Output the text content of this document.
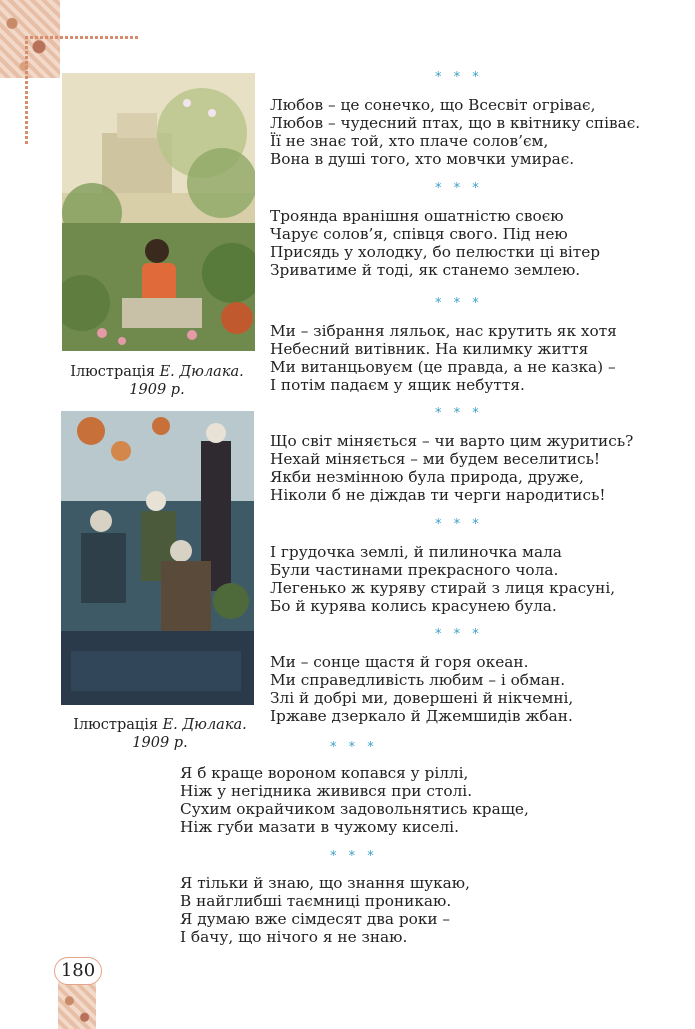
Ілюстрація Е. Дюлака.
1909 р.
Ілюстрація Е. Дюлака.
1909 р.
* * *
* * *
* * *
* * *
* * *
* * *
* * *
* * *
Любов – це сонечко, що Всесвіт огріває,
Любов – чудесний птах, що в квітнику співає.
Її не знає той, хто плаче солов’єм,
Вона в душі того, хто мовчки умирає.
Троянда вранішня ошатністю своєю
Чарує солов’я, співця свого. Під нею
Присядь у холодку, бо пелюстки ці вітер
Зриватиме й тоді, як станемо землею.
Ми – зібрання ляльок, нас крутить як хотя
Небесний витівник. На килимку життя
Ми витанцьовуєм (це правда, а не казка) –
І потім падаєм у ящик небуття.
Що світ міняється – чи варто цим журитись?
Нехай міняється – ми будем веселитись!
Якби незмінною була природа, друже,
Ніколи б не діждав ти черги народитись!
І грудочка землі, й пилиночка мала
Були частинами прекрасного чола.
Легенько ж куряву стирай з лиця красуні,
Бо й курява колись красунею була.
Ми – сонце щастя й горя океан.
Ми справедливість любим – і обман.
Злі й добрі ми, довершені й нікчемні,
Іржаве дзеркало й Джемшидів жбан.
Я б краще вороном копався у ріллі,
Ніж у негідника живився при столі.
Сухим окрайчиком задовольнятись краще,
Ніж губи мазати в чужому киселі.
Я тільки й знаю, що знання шукаю,
В найглибші таємниці проникаю.
Я думаю вже сімдесят два роки –
І бачу, що нічого я не знаю.
180
